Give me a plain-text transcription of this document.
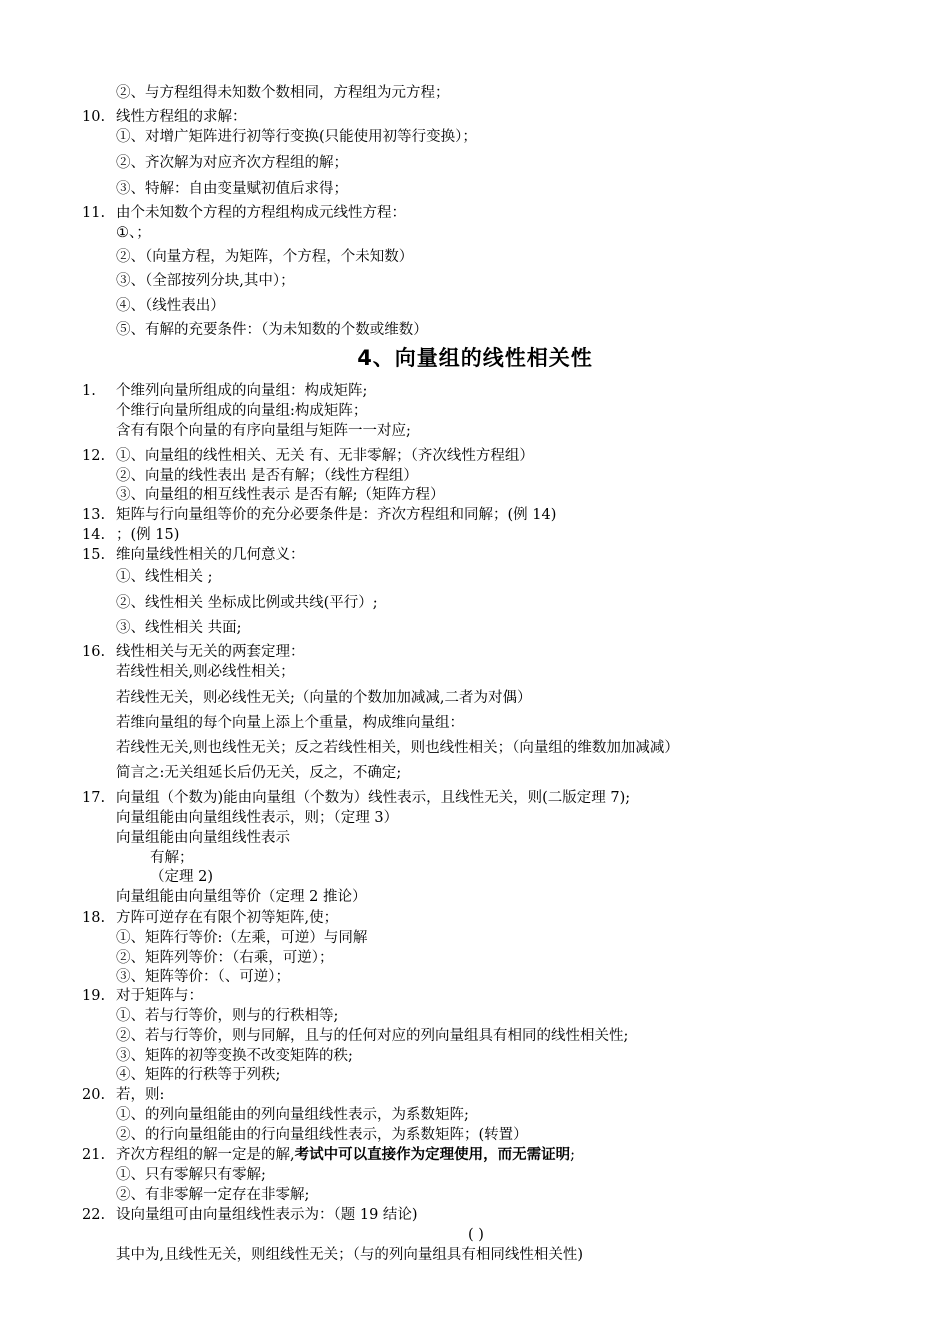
②、与方程组得未知数个数相同，方程组为元方程；
10. 线性方程组的求解：
①、对增广矩阵进行初等行变换(只能使用初等行变换）；
②、齐次解为对应齐次方程组的解；
③、特解：自由变量赋初值后求得；
11. 由个未知数个方程的方程组构成元线性方程：
①、；
②、（向量方程，为矩阵，个方程，个未知数）
③、（全部按列分块,其中）；
④、（线性表出）
⑤、有解的充要条件：（为未知数的个数或维数）
4、向量组的线性相关性
1. 个维列向量所组成的向量组：构成矩阵;
个维行向量所组成的向量组:构成矩阵；
含有有限个向量的有序向量组与矩阵一一对应;
12. ①、向量组的线性相关、无关 有、无非零解；（齐次线性方程组）
②、向量的线性表出 是否有解；（线性方程组）
③、向量组的相互线性表示 是否有解;（矩阵方程）
13. 矩阵与行向量组等价的充分必要条件是：齐次方程组和同解；(例 14)
14. ；(例 15)
15. 维向量线性相关的几何意义：
①、线性相关 ;
②、线性相关 坐标成比例或共线(平行）;
③、线性相关 共面;
16. 线性相关与无关的两套定理：
若线性相关,则必线性相关；
若线性无关，则必线性无关;（向量的个数加加减减,二者为对偶）
若维向量组的每个向量上添上个重量，构成维向量组：
若线性无关,则也线性无关；反之若线性相关，则也线性相关；（向量组的维数加加减减）
简言之:无关组延长后仍无关，反之，不确定;
17. 向量组（个数为)能由向量组（个数为）线性表示，且线性无关，则(二版定理 7);
向量组能由向量组线性表示，则；（定理 3）
向量组能由向量组线性表示
有解；
（定理 2)
向量组能由向量组等价（定理 2 推论）
18. 方阵可逆存在有限个初等矩阵,使；
①、矩阵行等价:（左乘，可逆）与同解
②、矩阵列等价：（右乘，可逆）；
③、矩阵等价：（、可逆）；
19. 对于矩阵与：
①、若与行等价，则与的行秩相等;
②、若与行等价，则与同解，且与的任何对应的列向量组具有相同的线性相关性;
③、矩阵的初等变换不改变矩阵的秩;
④、矩阵的行秩等于列秩;
20. 若，则:
①、的列向量组能由的列向量组线性表示，为系数矩阵;
②、的行向量组能由的行向量组线性表示，为系数矩阵；(转置）
21. 齐次方程组的解一定是的解,考试中可以直接作为定理使用，而无需证明;
①、只有零解只有零解;
②、有非零解一定存在非零解;
22. 设向量组可由向量组线性表示为：（题 19 结论)
( )
其中为,且线性无关，则组线性无关；（与的列向量组具有相同线性相关性)
